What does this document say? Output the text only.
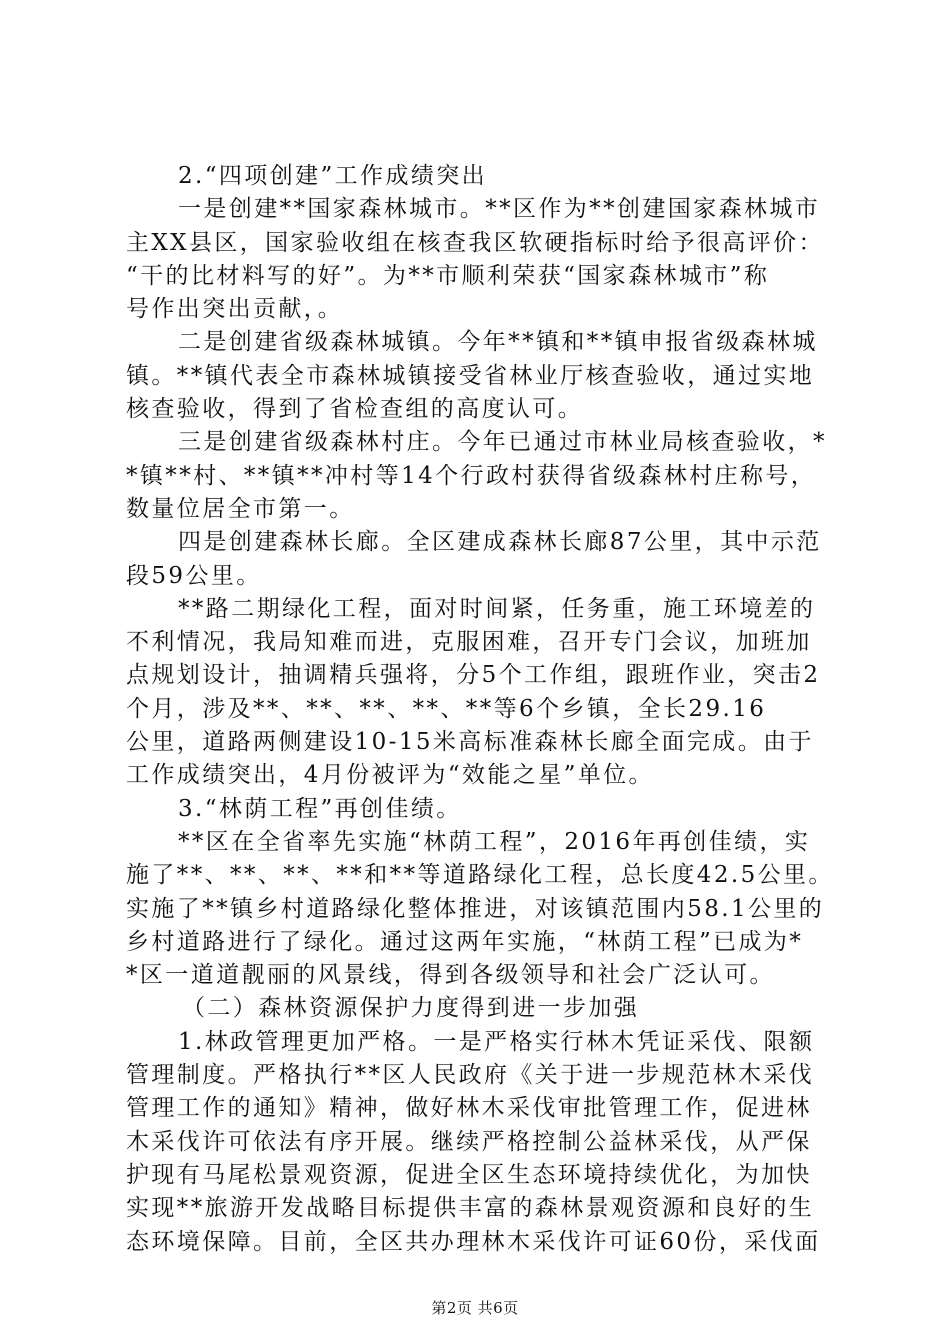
2.“四项创建”工作成绩突出
一是创建**国家森林城市。**区作为**创建国家森林城市
主XX县区，国家验收组在核查我区软硬指标时给予很高评价：
“干的比材料写的好”。为**市顺利荣获“国家森林城市”称
号作出突出贡献，。
二是创建省级森林城镇。今年**镇和**镇申报省级森林城
镇。**镇代表全市森林城镇接受省林业厅核查验收，通过实地
核查验收，得到了省检查组的高度认可。
三是创建省级森林村庄。今年已通过市林业局核查验收，*
*镇**村、**镇**冲村等14个行政村获得省级森林村庄称号，
数量位居全市第一。
四是创建森林长廊。全区建成森林长廊87公里，其中示范
段59公里。
**路二期绿化工程，面对时间紧，任务重，施工环境差的
不利情况，我局知难而进，克服困难，召开专门会议，加班加
点规划设计，抽调精兵强将，分5个工作组，跟班作业，突击2
个月，涉及**、**、**、**、**等6个乡镇，全长29.16
公里，道路两侧建设10-15米高标准森林长廊全面完成。由于
工作成绩突出，4月份被评为“效能之星”单位。
3.“林荫工程”再创佳绩。
**区在全省率先实施“林荫工程”，2016年再创佳绩，实
施了**、**、**、**和**等道路绿化工程，总长度42.5公里。
实施了**镇乡村道路绿化整体推进，对该镇范围内58.1公里的
乡村道路进行了绿化。通过这两年实施，“林荫工程”已成为*
*区一道道靓丽的风景线，得到各级领导和社会广泛认可。
（二）森林资源保护力度得到进一步加强
1.林政管理更加严格。一是严格实行林木凭证采伐、限额
管理制度。严格执行**区人民政府《关于进一步规范林木采伐
管理工作的通知》精神，做好林木采伐审批管理工作，促进林
木采伐许可依法有序开展。继续严格控制公益林采伐，从严保
护现有马尾松景观资源，促进全区生态环境持续优化，为加快
实现**旅游开发战略目标提供丰富的森林景观资源和良好的生
态环境保障。目前，全区共办理林木采伐许可证60份，采伐面
第2页 共6页
